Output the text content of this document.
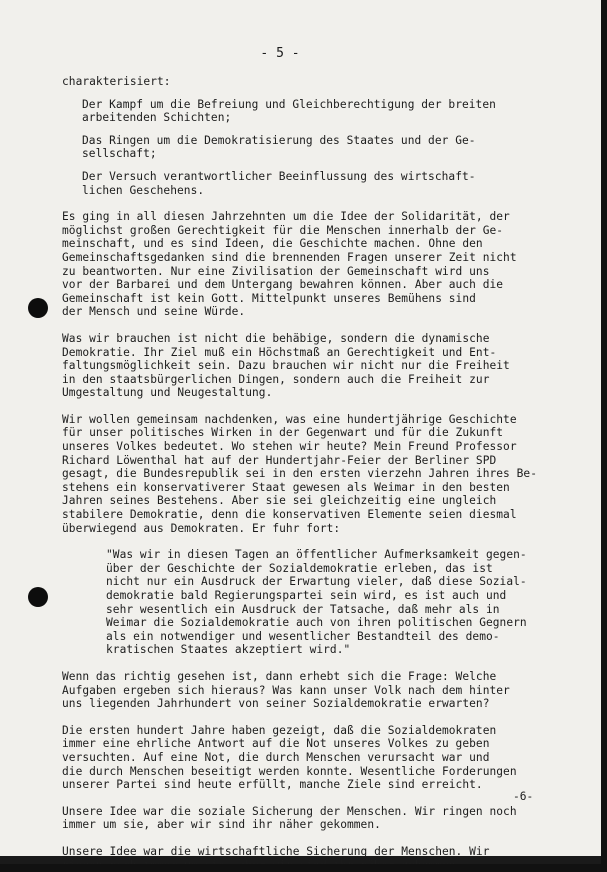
- 5 -
charakterisiert:
Der Kampf um die Befreiung und Gleichberechtigung der breiten
arbeitenden Schichten;
Das Ringen um die Demokratisierung des Staates und der Ge-
sellschaft;
Der Versuch verantwortlicher Beeinflussung des wirtschaft-
lichen Geschehens.
Es ging in all diesen Jahrzehnten um die Idee der Solidarität, der
möglichst großen Gerechtigkeit für die Menschen innerhalb der Ge-
meinschaft, und es sind Ideen, die Geschichte machen. Ohne den
Gemeinschaftsgedanken sind die brennenden Fragen unserer Zeit nicht
zu beantworten. Nur eine Zivilisation der Gemeinschaft wird uns
vor der Barbarei und dem Untergang bewahren können. Aber auch die
Gemeinschaft ist kein Gott. Mittelpunkt unseres Bemühens sind
der Mensch und seine Würde.
Was wir brauchen ist nicht die behäbige, sondern die dynamische
Demokratie. Ihr Ziel muß ein Höchstmaß an Gerechtigkeit und Ent-
faltungsmöglichkeit sein. Dazu brauchen wir nicht nur die Freiheit
in den staatsbürgerlichen Dingen, sondern auch die Freiheit zur
Umgestaltung und Neugestaltung.
Wir wollen gemeinsam nachdenken, was eine hundertjährige Geschichte
für unser politisches Wirken in der Gegenwart und für die Zukunft
unseres Volkes bedeutet. Wo stehen wir heute? Mein Freund Professor
Richard Löwenthal hat auf der Hundertjahr-Feier der Berliner SPD
gesagt, die Bundesrepublik sei in den ersten vierzehn Jahren ihres Be-
stehens ein konservativerer Staat gewesen als Weimar in den besten
Jahren seines Bestehens. Aber sie sei gleichzeitig eine ungleich
stabilere Demokratie, denn die konservativen Elemente seien diesmal
überwiegend aus Demokraten. Er fuhr fort:
"Was wir in diesen Tagen an öffentlicher Aufmerksamkeit gegen-
über der Geschichte der Sozialdemokratie erleben, das ist
nicht nur ein Ausdruck der Erwartung vieler, daß diese Sozial-
demokratie bald Regierungspartei sein wird, es ist auch und
sehr wesentlich ein Ausdruck der Tatsache, daß mehr als in
Weimar die Sozialdemokratie auch von ihren politischen Gegnern
als ein notwendiger und wesentlicher Bestandteil des demo-
kratischen Staates akzeptiert wird."
Wenn das richtig gesehen ist, dann erhebt sich die Frage: Welche
Aufgaben ergeben sich hieraus? Was kann unser Volk nach dem hinter
uns liegenden Jahrhundert von seiner Sozialdemokratie erwarten?
Die ersten hundert Jahre haben gezeigt, daß die Sozialdemokraten
immer eine ehrliche Antwort auf die Not unseres Volkes zu geben
versuchten. Auf eine Not, die durch Menschen verursacht war und
die durch Menschen beseitigt werden konnte. Wesentliche Forderungen
unserer Partei sind heute erfüllt, manche Ziele sind erreicht.
Unsere Idee war die soziale Sicherung der Menschen. Wir ringen noch
immer um sie, aber wir sind ihr näher gekommen.
Unsere Idee war die wirtschaftliche Sicherung der Menschen. Wir
-6-
